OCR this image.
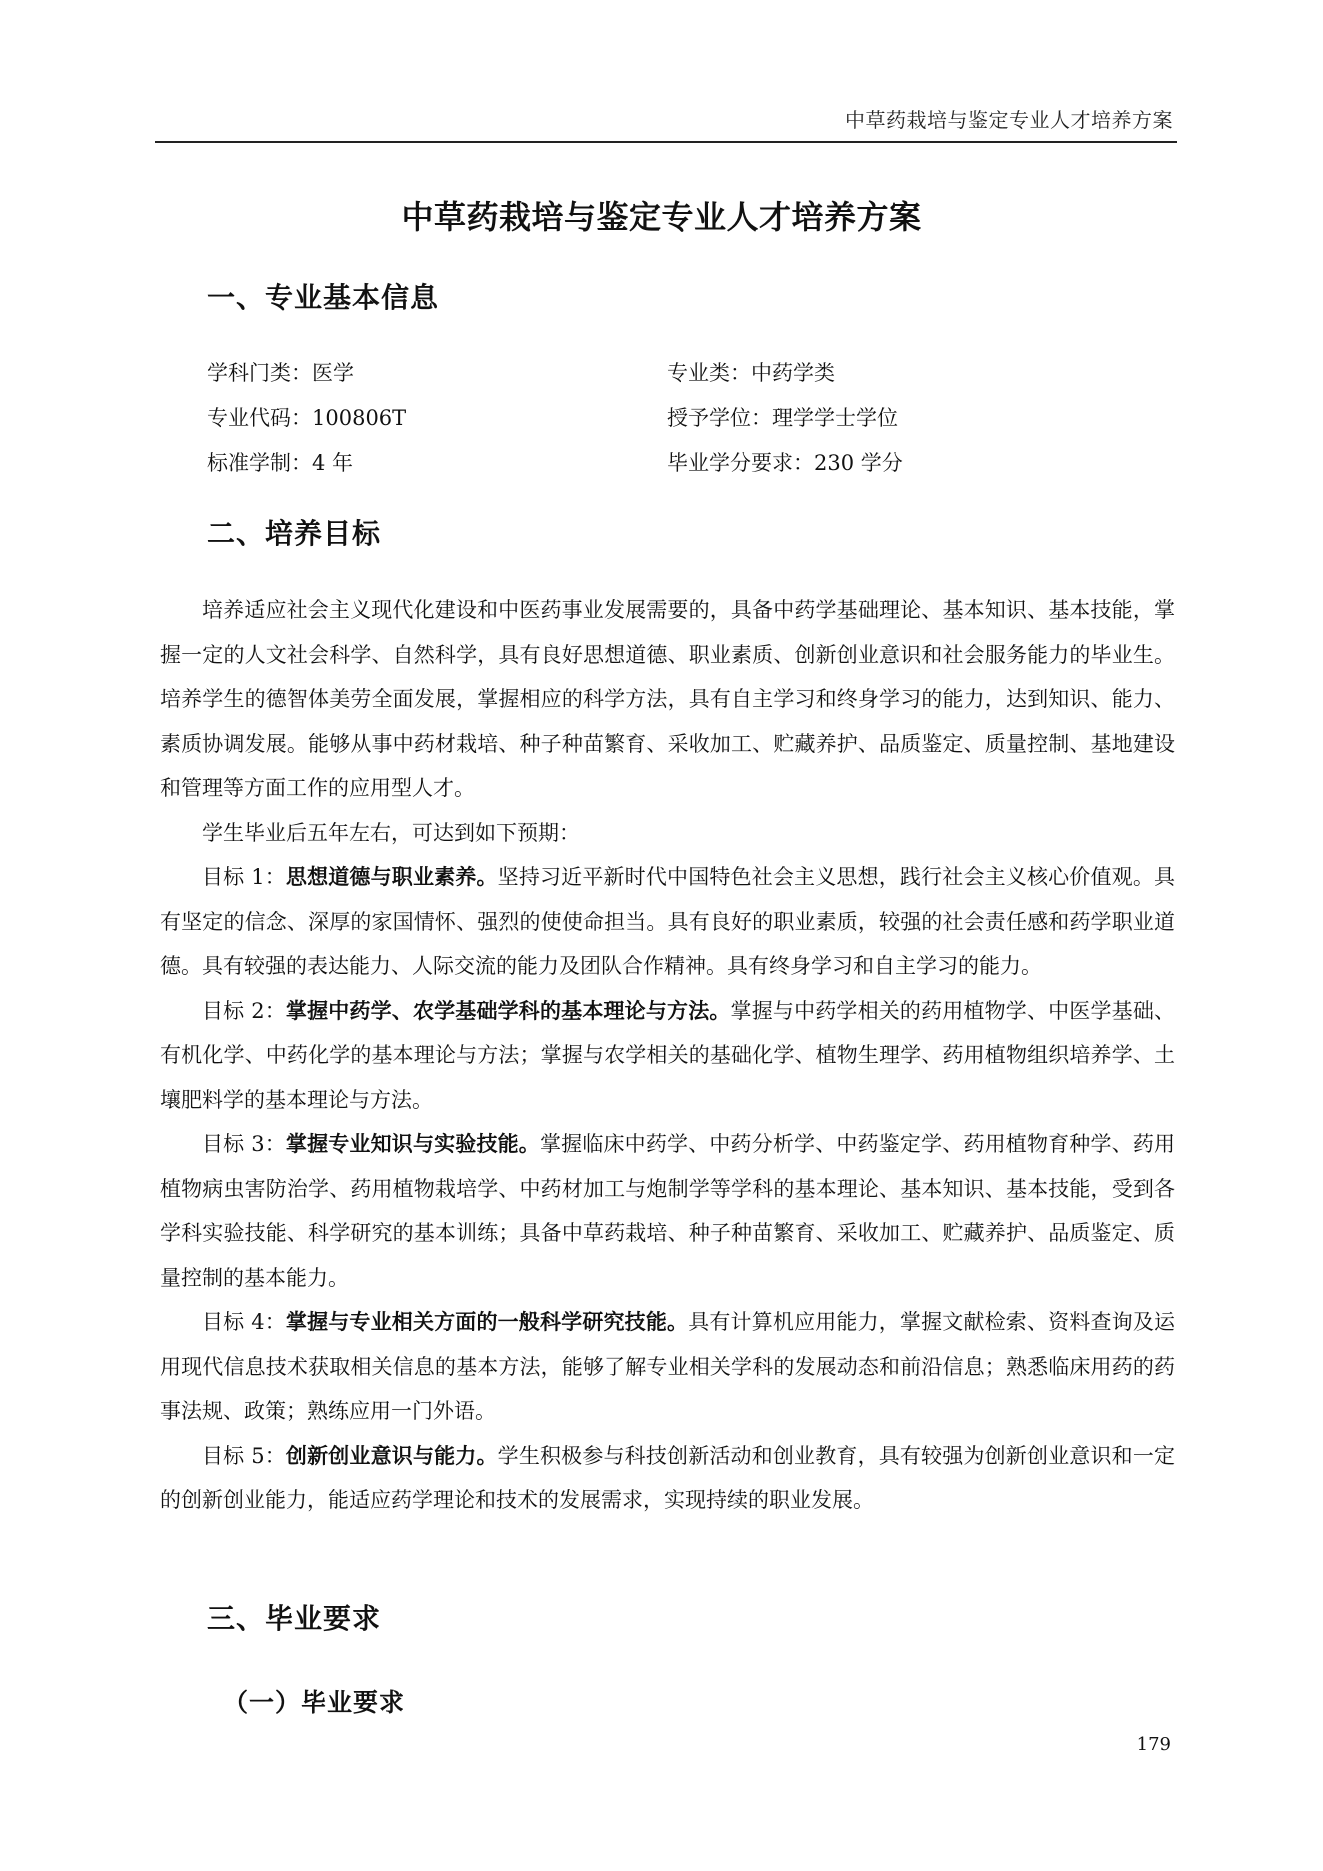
中草药栽培与鉴定专业人才培养方案
中草药栽培与鉴定专业人才培养方案
一、专业基本信息
学科门类：医学	专业类：中药学类
专业代码：100806T	授予学位：理学学士学位
标准学制：4 年	毕业学分要求：230 学分
二、培养目标

培养适应社会主义现代化建设和中医药事业发展需要的，具备中药学基础理论、基本知识、基本技能，掌握一定的人文社会科学、自然科学，具有良好思想道德、职业素质、创新创业意识和社会服务能力的毕业生。培养学生的德智体美劳全面发展，掌握相应的科学方法，具有自主学习和终身学习的能力，达到知识、能力、素质协调发展。能够从事中药材栽培、种子种苗繁育、采收加工、贮藏养护、品质鉴定、质量控制、基地建设和管理等方面工作的应用型人才。

学生毕业后五年左右，可达到如下预期：

目标 1：思想道德与职业素养。坚持习近平新时代中国特色社会主义思想，践行社会主义核心价值观。具有坚定的信念、深厚的家国情怀、强烈的使使命担当。具有良好的职业素质，较强的社会责任感和药学职业道德。具有较强的表达能力、人际交流的能力及团队合作精神。具有终身学习和自主学习的能力。

目标 2：掌握中药学、农学基础学科的基本理论与方法。掌握与中药学相关的药用植物学、中医学基础、有机化学、中药化学的基本理论与方法；掌握与农学相关的基础化学、植物生理学、药用植物组织培养学、土壤肥料学的基本理论与方法。

目标 3：掌握专业知识与实验技能。掌握临床中药学、中药分析学、中药鉴定学、药用植物育种学、药用植物病虫害防治学、药用植物栽培学、中药材加工与炮制学等学科的基本理论、基本知识、基本技能，受到各学科实验技能、科学研究的基本训练；具备中草药栽培、种子种苗繁育、采收加工、贮藏养护、品质鉴定、质量控制的基本能力。

目标 4：掌握与专业相关方面的一般科学研究技能。具有计算机应用能力，掌握文献检索、资料查询及运用现代信息技术获取相关信息的基本方法，能够了解专业相关学科的发展动态和前沿信息；熟悉临床用药的药事法规、政策；熟练应用一门外语。

目标 5：创新创业意识与能力。学生积极参与科技创新活动和创业教育，具有较强为创新创业意识和一定的创新创业能力，能适应药学理论和技术的发展需求，实现持续的职业发展。

三、毕业要求
（一）毕业要求
179
